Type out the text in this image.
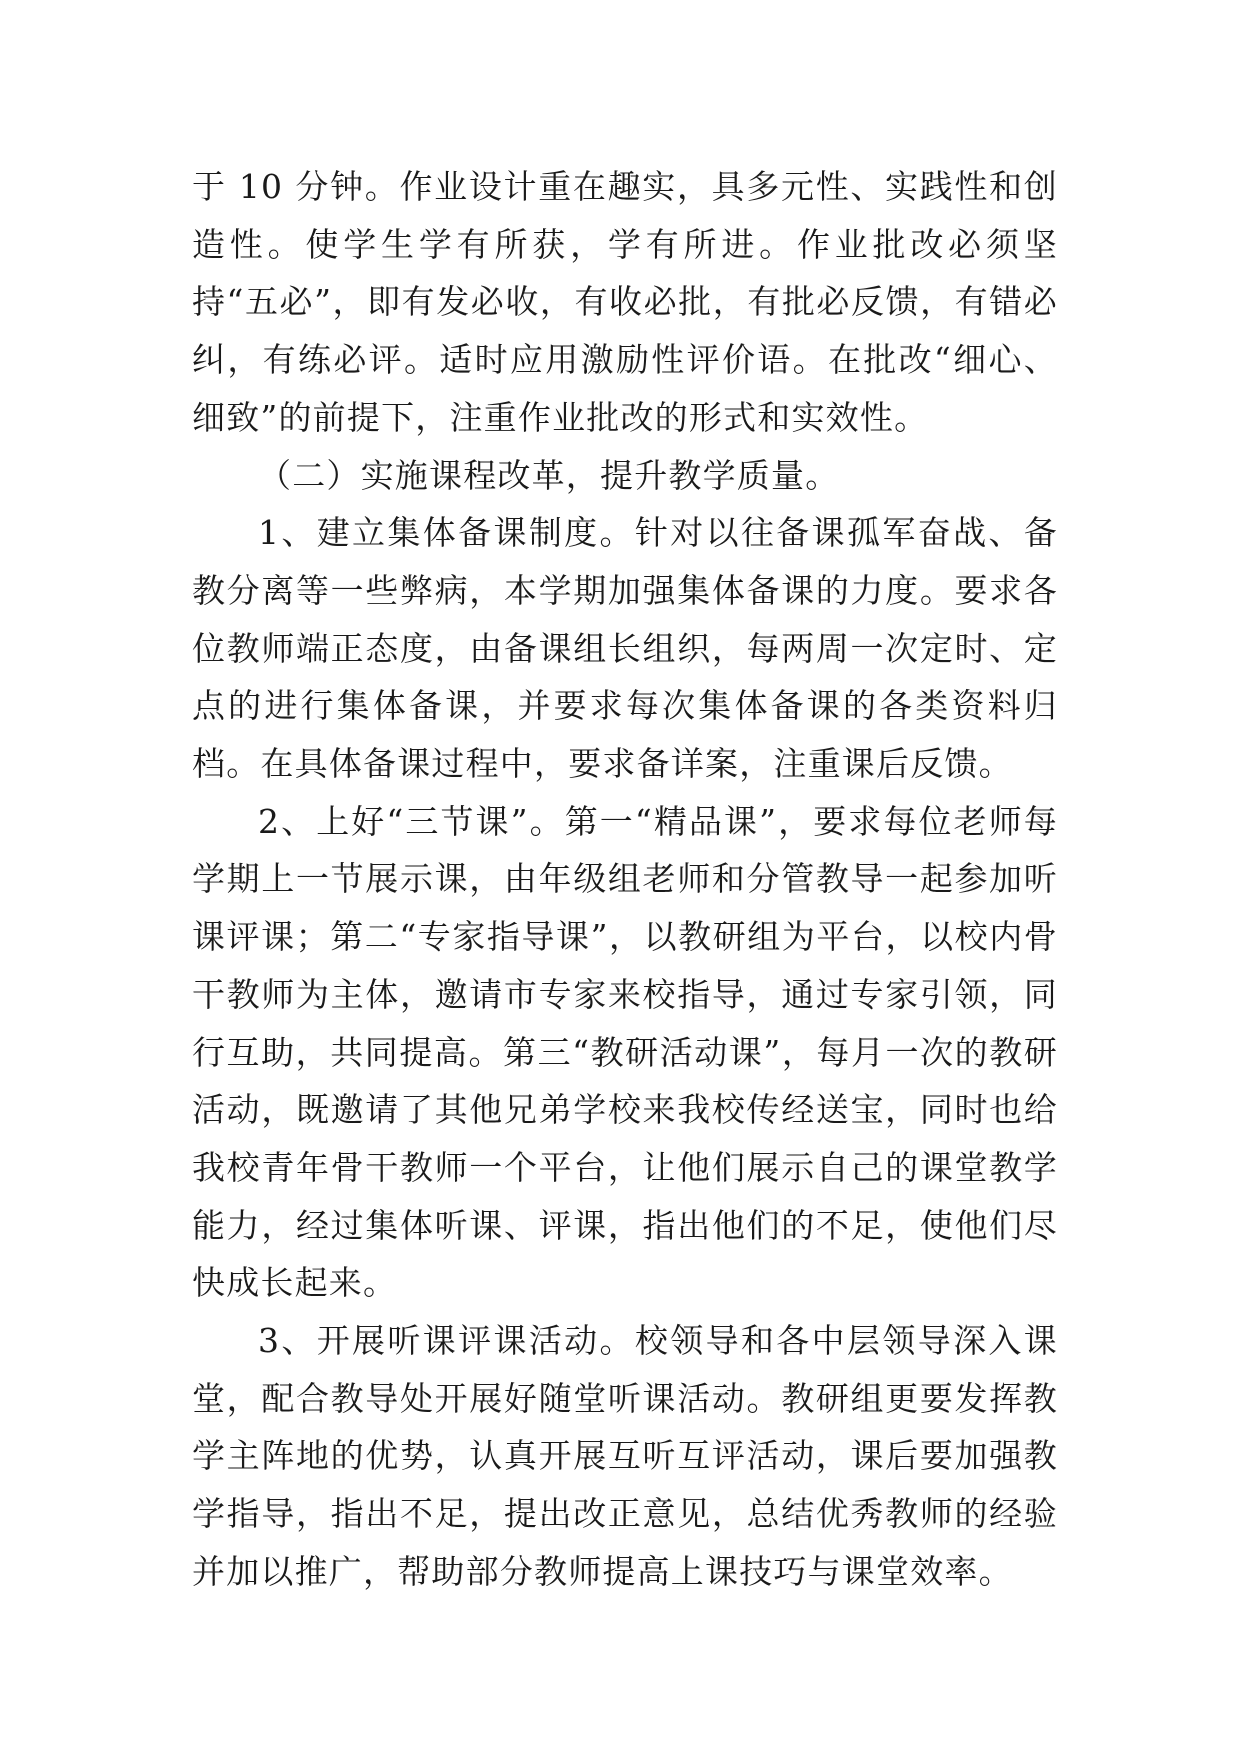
于 10 分钟。作业设计重在趣实，具多元性、实践性和创造性。使学生学有所获，学有所进。作业批改必须坚持“五必”，即有发必收，有收必批，有批必反馈，有错必纠，有练必评。适时应用激励性评价语。在批改“细心、细致”的前提下，注重作业批改的形式和实效性。

（二）实施课程改革，提升教学质量。

1、建立集体备课制度。针对以往备课孤军奋战、备教分离等一些弊病，本学期加强集体备课的力度。要求各位教师端正态度，由备课组长组织，每两周一次定时、定点的进行集体备课，并要求每次集体备课的各类资料归档。在具体备课过程中，要求备详案，注重课后反馈。

2、上好“三节课”。第一“精品课”，要求每位老师每学期上一节展示课，由年级组老师和分管教导一起参加听课评课；第二“专家指导课”，以教研组为平台，以校内骨干教师为主体，邀请市专家来校指导，通过专家引领，同行互助，共同提高。第三“教研活动课”，每月一次的教研活动，既邀请了其他兄弟学校来我校传经送宝，同时也给我校青年骨干教师一个平台，让他们展示自己的课堂教学能力，经过集体听课、评课，指出他们的不足，使他们尽快成长起来。

3、开展听课评课活动。校领导和各中层领导深入课堂，配合教导处开展好随堂听课活动。教研组更要发挥教学主阵地的优势，认真开展互听互评活动，课后要加强教学指导，指出不足，提出改正意见，总结优秀教师的经验并加以推广，帮助部分教师提高上课技巧与课堂效率。
